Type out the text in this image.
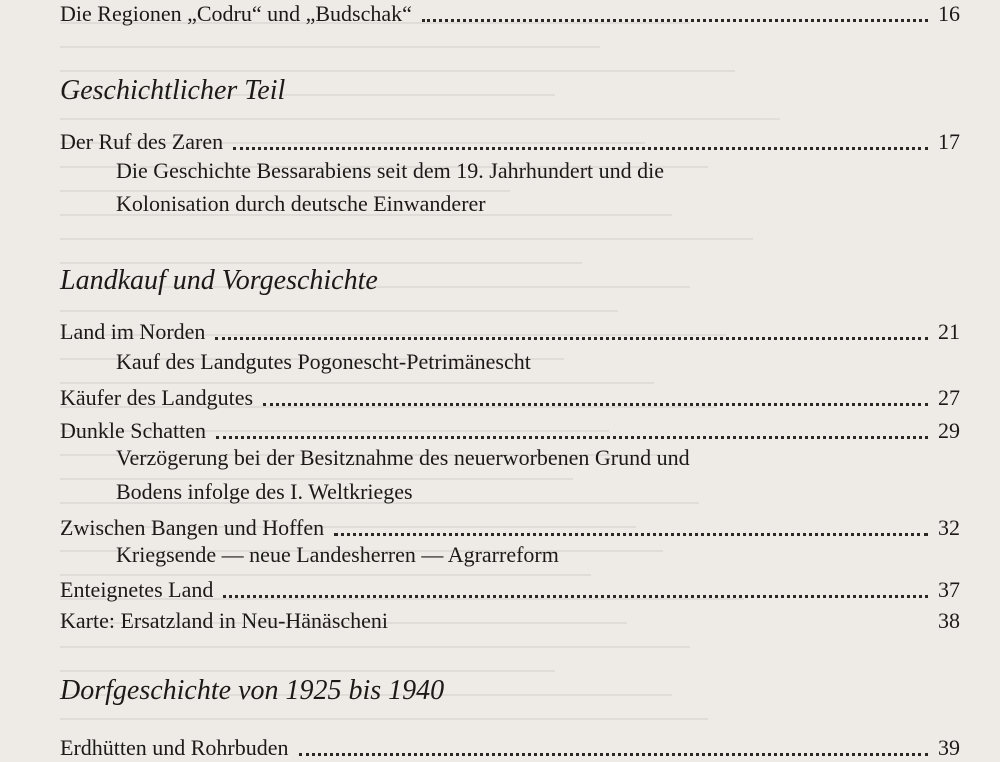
Die Regionen „Codru“ und „Budschak“	16
Geschichtlicher Teil
Der Ruf des Zaren	17
Die Geschichte Bessarabiens seit dem 19. Jahrhundert und die
Kolonisation durch deutsche Einwanderer
Landkauf und Vorgeschichte
Land im Norden	21
Kauf des Landgutes Pogonescht-Petrimänescht
Käufer des Landgutes	27
Dunkle Schatten	29
Verzögerung bei der Besitznahme des neuerworbenen Grund und
Bodens infolge des I. Weltkrieges
Zwischen Bangen und Hoffen	32
Kriegsende — neue Landesherren — Agrarreform
Enteignetes Land	37
Karte: Ersatzland in Neu-Hänäscheni	38
Dorfgeschichte von 1925 bis 1940
Erdhütten und Rohrbuden	39
